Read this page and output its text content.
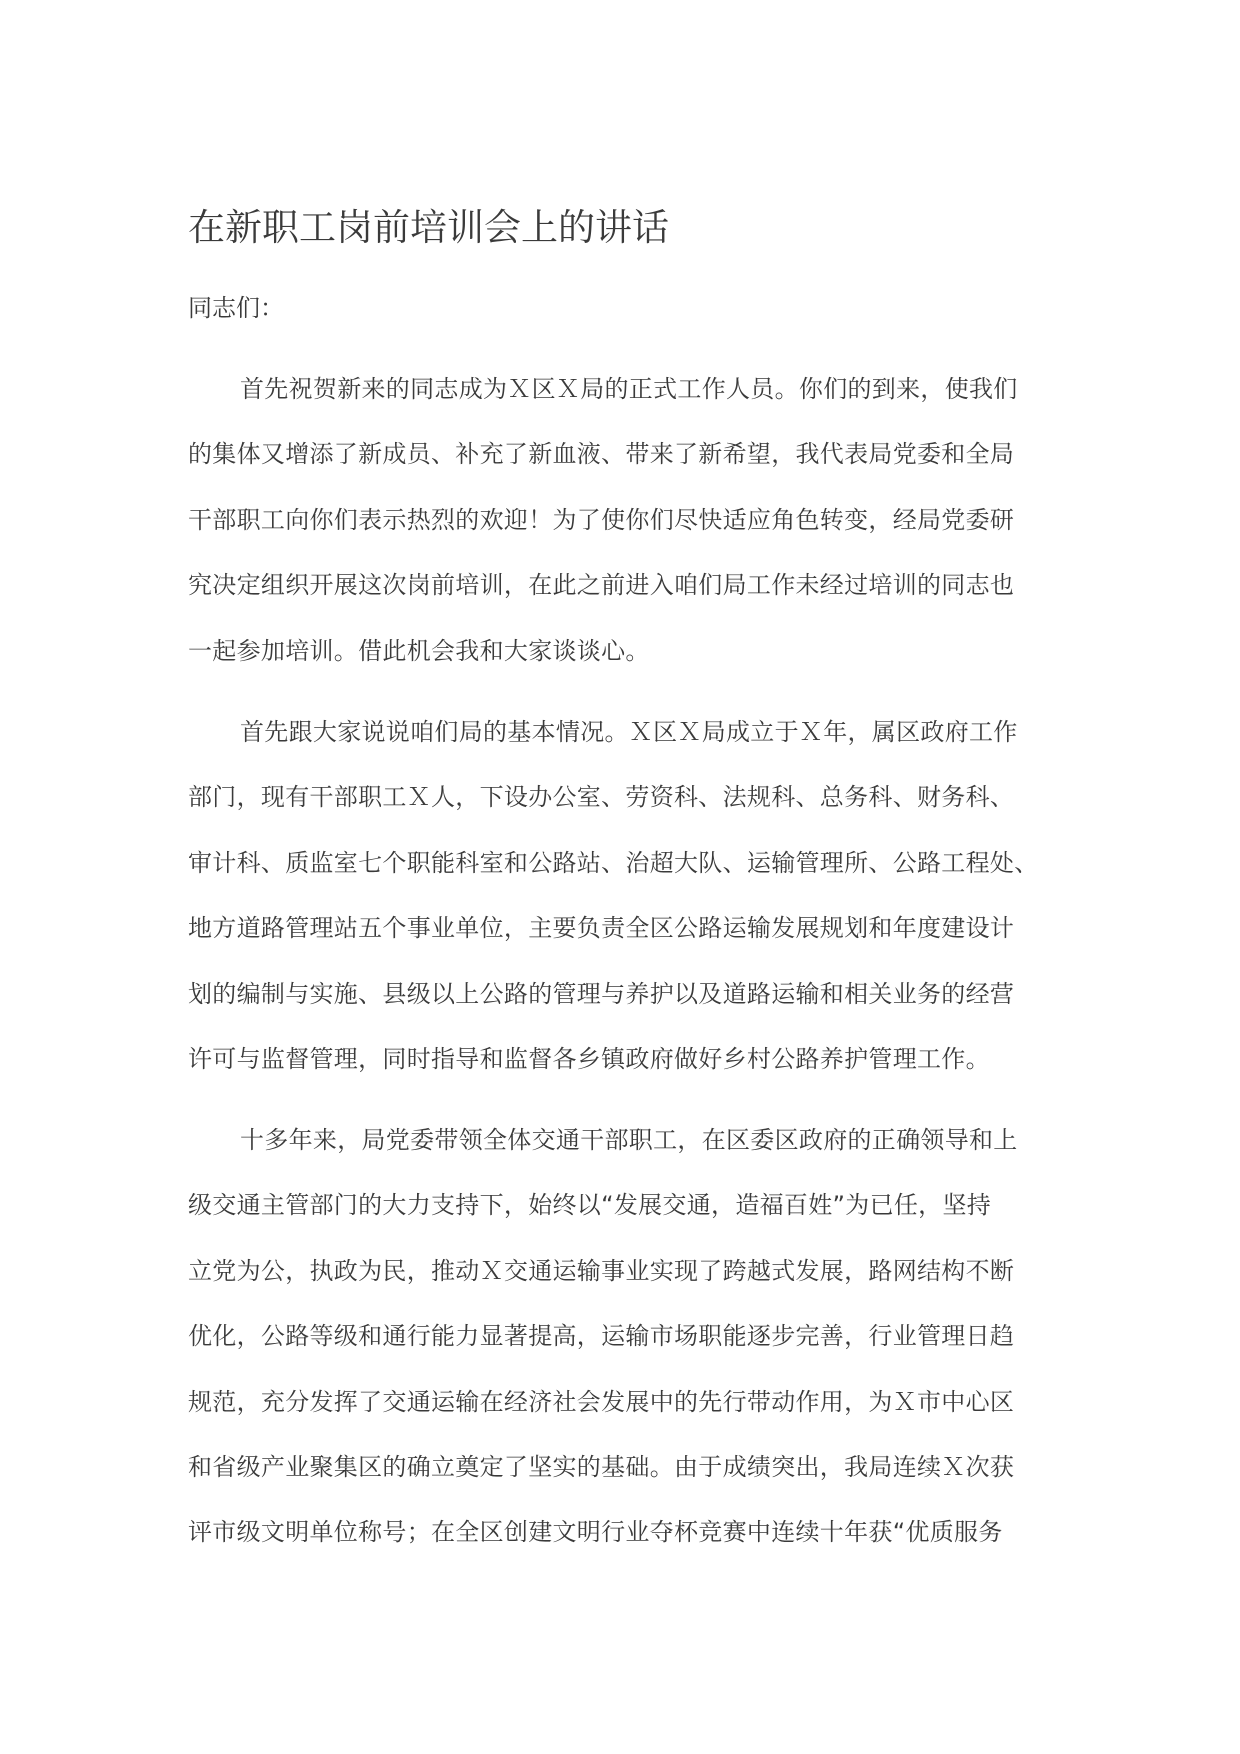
在新职工岗前培训会上的讲话

同志们：

首先祝贺新来的同志成为Ｘ区Ｘ局的正式工作人员。你们的到来，使我们
的集体又增添了新成员、补充了新血液、带来了新希望，我代表局党委和全局
干部职工向你们表示热烈的欢迎！为了使你们尽快适应角色转变，经局党委研
究决定组织开展这次岗前培训，在此之前进入咱们局工作未经过培训的同志也
一起参加培训。借此机会我和大家谈谈心。
首先跟大家说说咱们局的基本情况。Ｘ区Ｘ局成立于Ｘ年，属区政府工作
部门，现有干部职工Ｘ人，下设办公室、劳资科、法规科、总务科、财务科、
审计科、质监室七个职能科室和公路站、治超大队、运输管理所、公路工程处、
地方道路管理站五个事业单位，主要负责全区公路运输发展规划和年度建设计
划的编制与实施、县级以上公路的管理与养护以及道路运输和相关业务的经营
许可与监督管理，同时指导和监督各乡镇政府做好乡村公路养护管理工作。
十多年来，局党委带领全体交通干部职工，在区委区政府的正确领导和上
级交通主管部门的大力支持下，始终以“发展交通，造福百姓”为已任，坚持
立党为公，执政为民，推动Ｘ交通运输事业实现了跨越式发展，路网结构不断
优化，公路等级和通行能力显著提高，运输市场职能逐步完善，行业管理日趋
规范，充分发挥了交通运输在经济社会发展中的先行带动作用，为Ｘ市中心区
和省级产业聚集区的确立奠定了坚实的基础。由于成绩突出，我局连续Ｘ次获
评市级文明单位称号；在全区创建文明行业夺杯竞赛中连续十年获“优质服务
